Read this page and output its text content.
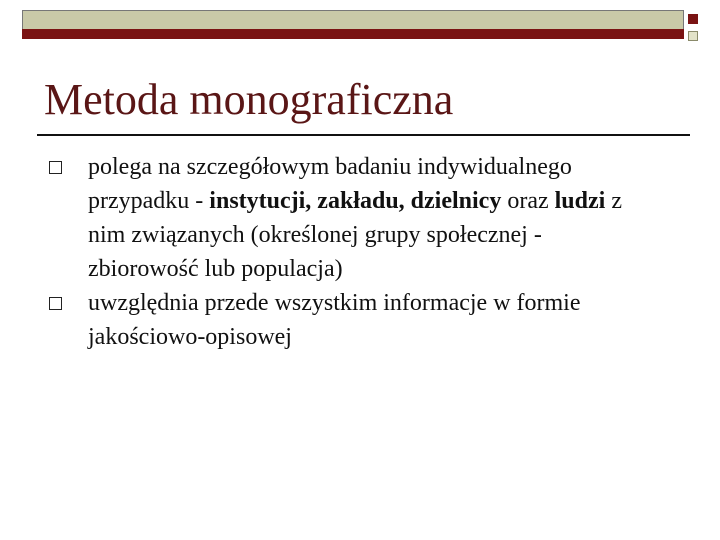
Metoda monograficzna
polega na szczegółowym badaniu indywidualnego przypadku - instytucji, zakładu, dzielnicy oraz ludzi z nim związanych (określonej grupy społecznej - zbiorowość lub populacja)
uwzględnia przede wszystkim informacje w formie jakościowo-opisowej
